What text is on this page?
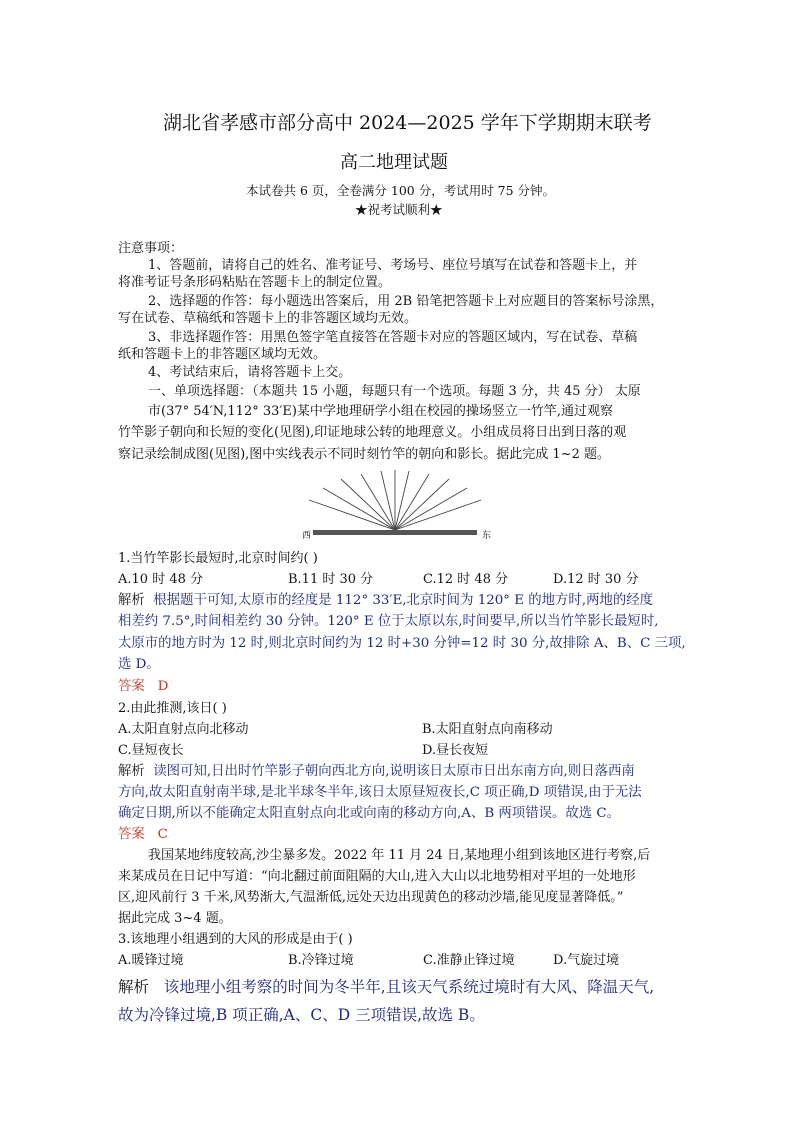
湖北省孝感市部分高中 2024—2025 学年下学期期末联考
高二地理试题
本试卷共 6 页，全卷满分 100 分，考试用时 75 分钟。
★祝考试顺利★
注意事项：
1、答题前，请将自己的姓名、准考证号、考场号、座位号填写在试卷和答题卡上，并
将准考证号条形码粘贴在答题卡上的制定位置。
2、选择题的作答：每小题选出答案后，用 2B 铅笔把答题卡上对应题目的答案标号涂黑，
写在试卷、草稿纸和答题卡上的非答题区域均无效。
3、非选择题作答：用黑色签字笔直接答在答题卡对应的答题区域内，写在试卷、草稿
纸和答题卡上的非答题区域均无效。
4、考试结束后，请将答题卡上交。
一、单项选择题：（本题共 15 小题，每题只有一个选项。每题 3 分，共 45 分） 太原
市(37° 54′N,112° 33′E)某中学地理研学小组在校园的操场竖立一竹竿,通过观察
竹竿影子朝向和长短的变化(见图),印证地球公转的地理意义。小组成员将日出到日落的观
察记录绘制成图(见图),图中实线表示不同时刻竹竿的朝向和影长。据此完成 1~2 题。
西	东
1.当竹竿影长最短时,北京时间约( )
A.10 时 48 分	B.11 时 30 分	C.12 时 48 分	D.12 时 30 分
解析 根据题干可知,太原市的经度是 112° 33′E,北京时间为 120° E 的地方时,两地的经度
相差约 7.5°,时间相差约 30 分钟。120° E 位于太原以东,时间要早,所以当竹竿影长最短时,
太原市的地方时为 12 时,则北京时间约为 12 时+30 分钟=12 时 30 分,故排除 A、B、C 三项,
选 D。
答案 D
2.由此推测,该日( )
A.太阳直射点向北移动	B.太阳直射点向南移动
C.昼短夜长	D.昼长夜短
解析 读图可知,日出时竹竿影子朝向西北方向,说明该日太原市日出东南方向,则日落西南
方向,故太阳直射南半球,是北半球冬半年,该日太原昼短夜长,C 项正确,D 项错误,由于无法
确定日期,所以不能确定太阳直射点向北或向南的移动方向,A、B 两项错误。故选 C。
答案 C
我国某地纬度较高,沙尘暴多发。2022 年 11 月 24 日,某地理小组到该地区进行考察,后
来某成员在日记中写道：“向北翻过前面阻隔的大山,进入大山以北地势相对平坦的一处地形
区,迎风前行 3 千米,风势渐大,气温渐低,远处天边出现黄色的移动沙墙,能见度显著降低。”
据此完成 3~4 题。
3.该地理小组遇到的大风的形成是由于( )
A.暖锋过境	B.冷锋过境	C.准静止锋过境	D.气旋过境
解析 该地理小组考察的时间为冬半年,且该天气系统过境时有大风、降温天气,
故为冷锋过境,B 项正确,A、C、D 三项错误,故选 B。
